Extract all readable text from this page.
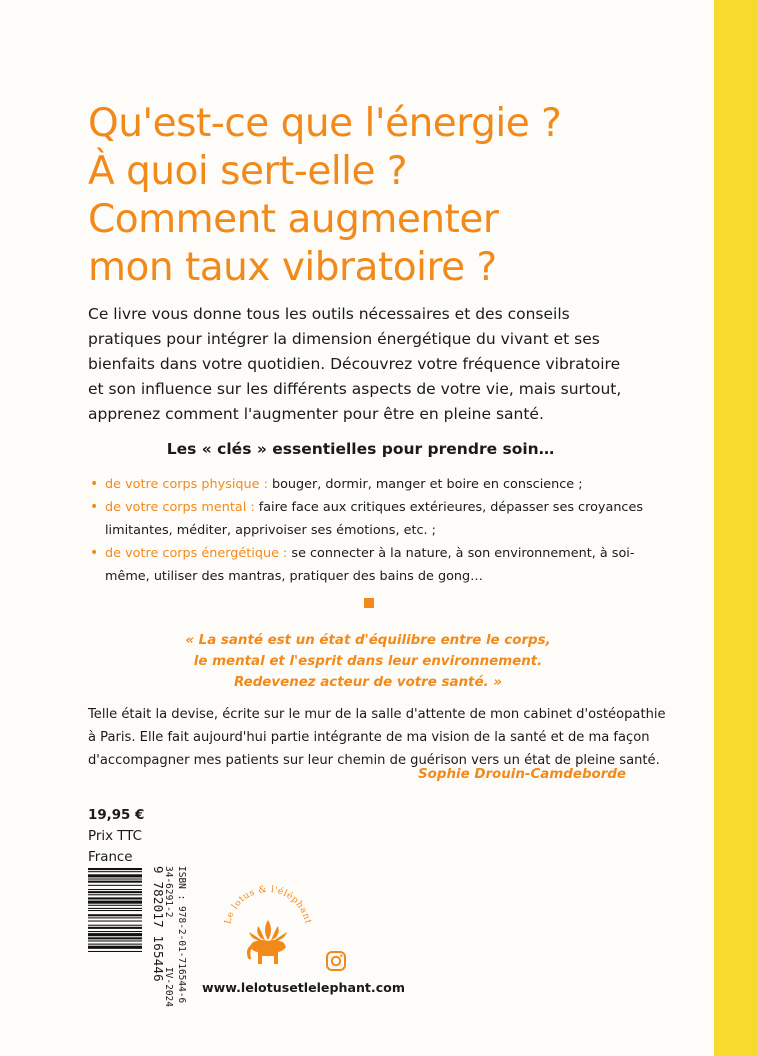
Qu'est-ce que l'énergie ?
À quoi sert-elle ?
Comment augmenter
mon taux vibratoire ?

Ce livre vous donne tous les outils nécessaires et des conseils pratiques pour intégrer la dimension énergétique du vivant et ses bienfaits dans votre quotidien. Découvrez votre fréquence vibratoire et son influence sur les différents aspects de votre vie, mais surtout, apprenez comment l'augmenter pour être en pleine santé.

Les « clés » essentielles pour prendre soin…

• de votre corps physique : bouger, dormir, manger et boire en conscience ;
• de votre corps mental : faire face aux critiques extérieures, dépasser ses croyances limitantes, méditer, apprivoiser ses émotions, etc. ;
• de votre corps énergétique : se connecter à la nature, à son environnement, à soi-même, utiliser des mantras, pratiquer des bains de gong…

« La santé est un état d'équilibre entre le corps,
le mental et l'esprit dans leur environnement.
Redevenez acteur de votre santé. »

Telle était la devise, écrite sur le mur de la salle d'attente de mon cabinet d'ostéopathie
à Paris. Elle fait aujourd'hui partie intégrante de ma vision de la santé et de ma façon
d'accompagner mes patients sur leur chemin de guérison vers un état de pleine santé.

Sophie Drouin-Camdeborde

19,95 €
Prix TTC
France
9 782017 165446
34-6291-2  IV-2024 ISBN : 978-2-01-716544-6	Le lotus & l'éléphant
www.lelotusetlelephant.com
